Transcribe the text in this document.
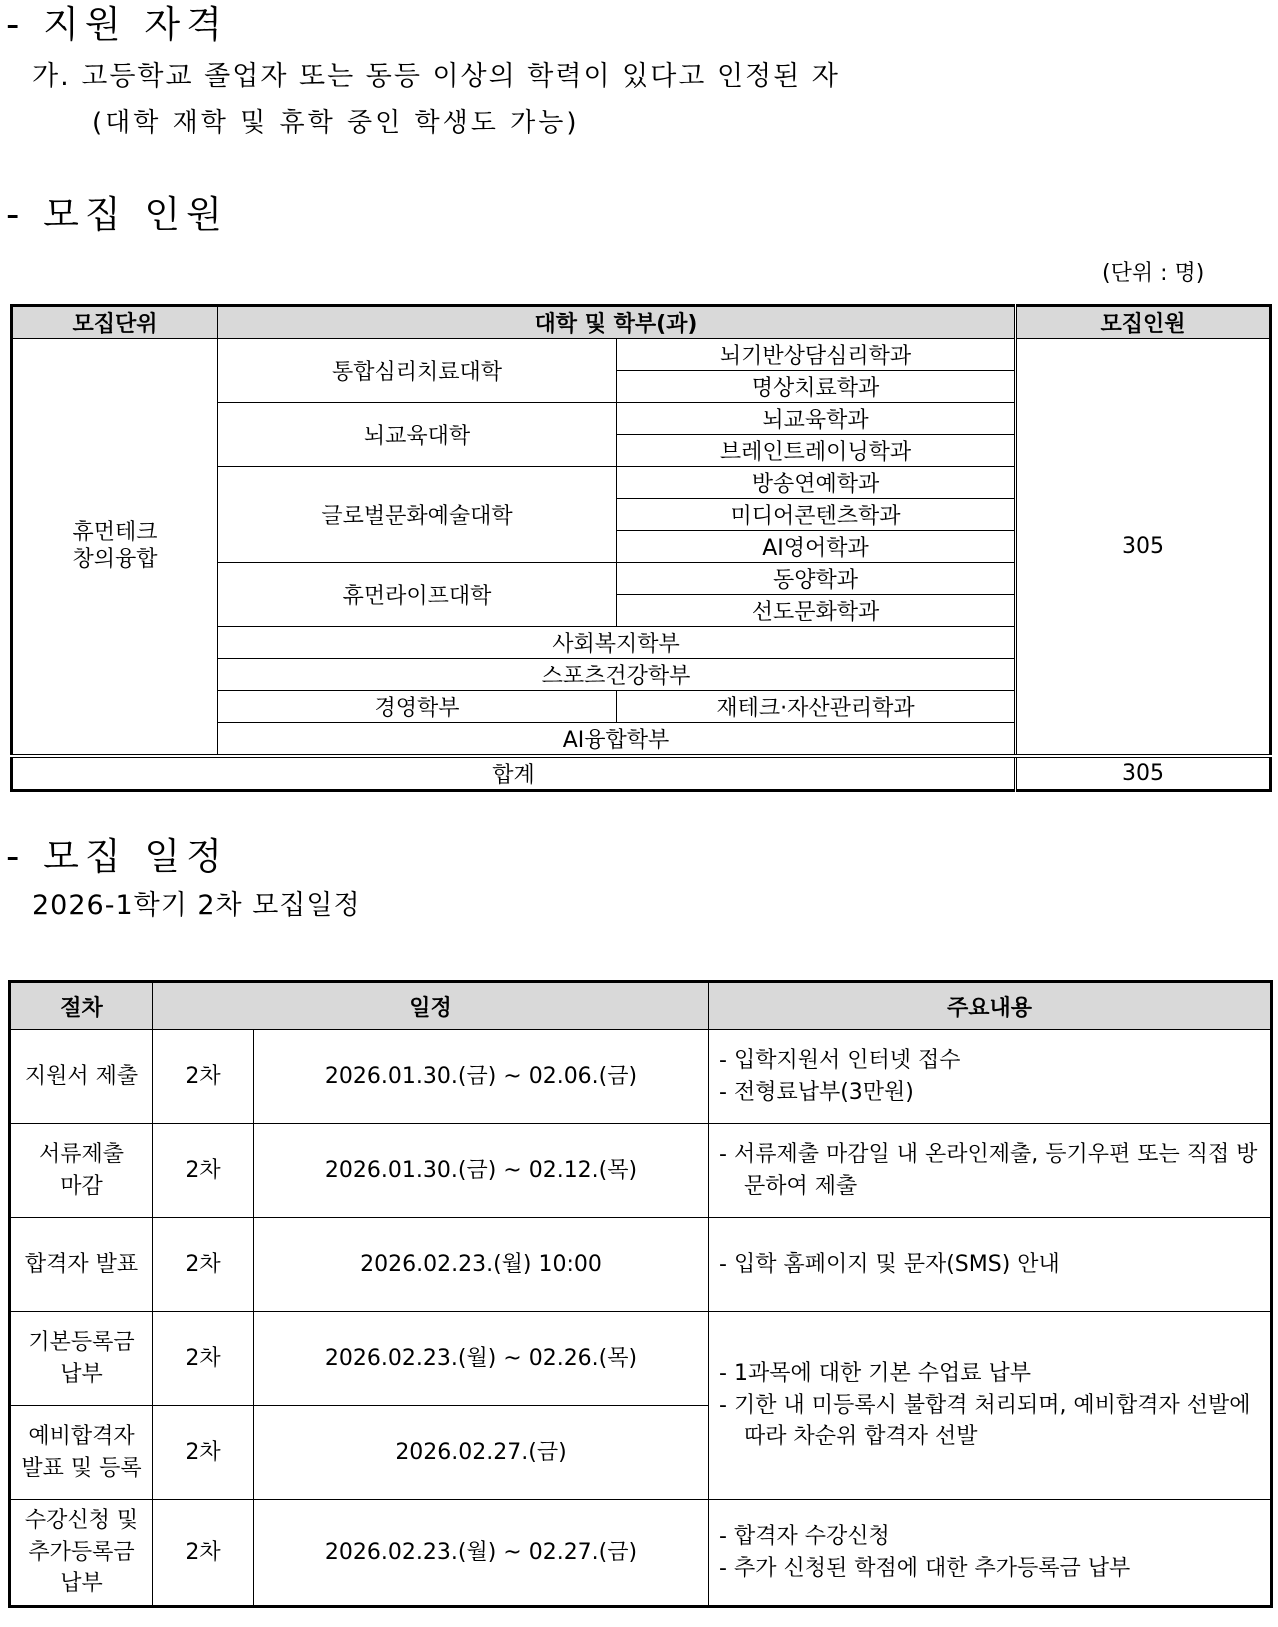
- 지원 자격
가. 고등학교 졸업자 또는 동등 이상의 학력이 있다고 인정된 자
(대학 재학 및 휴학 중인 학생도 가능)
- 모집 인원
(단위 : 명)
모집단위	대학 및 학부(과)		모집인원
휴먼테크
창의융합	통합심리치료대학	뇌기반상담심리학과	305
		명상치료학과	
	뇌교육대학	뇌교육학과	
		브레인트레이닝학과	
	글로벌문화예술대학	방송연예학과	
		미디어콘텐츠학과	
		AI영어학과	
	휴먼라이프대학	동양학과	
		선도문화학과	
	사회복지학부		
	스포츠건강학부		
	경영학부	재테크·자산관리학과	
	AI융합학부		
합계			305
- 모집 일정
2026-1학기 2차 모집일정
절차	일정		주요내용
지원서 제출	2차	2026.01.30.(금) ~ 02.06.(금)	- 입학지원서 인터넷 접수
- 전형료납부(3만원)

서류제출
마감	2차	2026.01.30.(금) ~ 02.12.(목)	- 서류제출 마감일 내 온라인제출, 등기우편 또는 직접 방문하여 제출

합격자 발표	2차	2026.02.23.(월) 10:00	- 입학 홈페이지 및 문자(SMS) 안내

기본등록금
납부	2차	2026.02.23.(월) ~ 02.26.(목)	- 1과목에 대한 기본 수업료 납부
- 기한 내 미등록시 불합격 처리되며, 예비합격자 선발에 따라 차순위 합격자 선발

예비합격자
발표 및 등록	2차	2026.02.27.(금)	
수강신청 및
추가등록금
납부	2차	2026.02.23.(월) ~ 02.27.(금)	- 합격자 수강신청
- 추가 신청된 학점에 대한 추가등록금 납부
